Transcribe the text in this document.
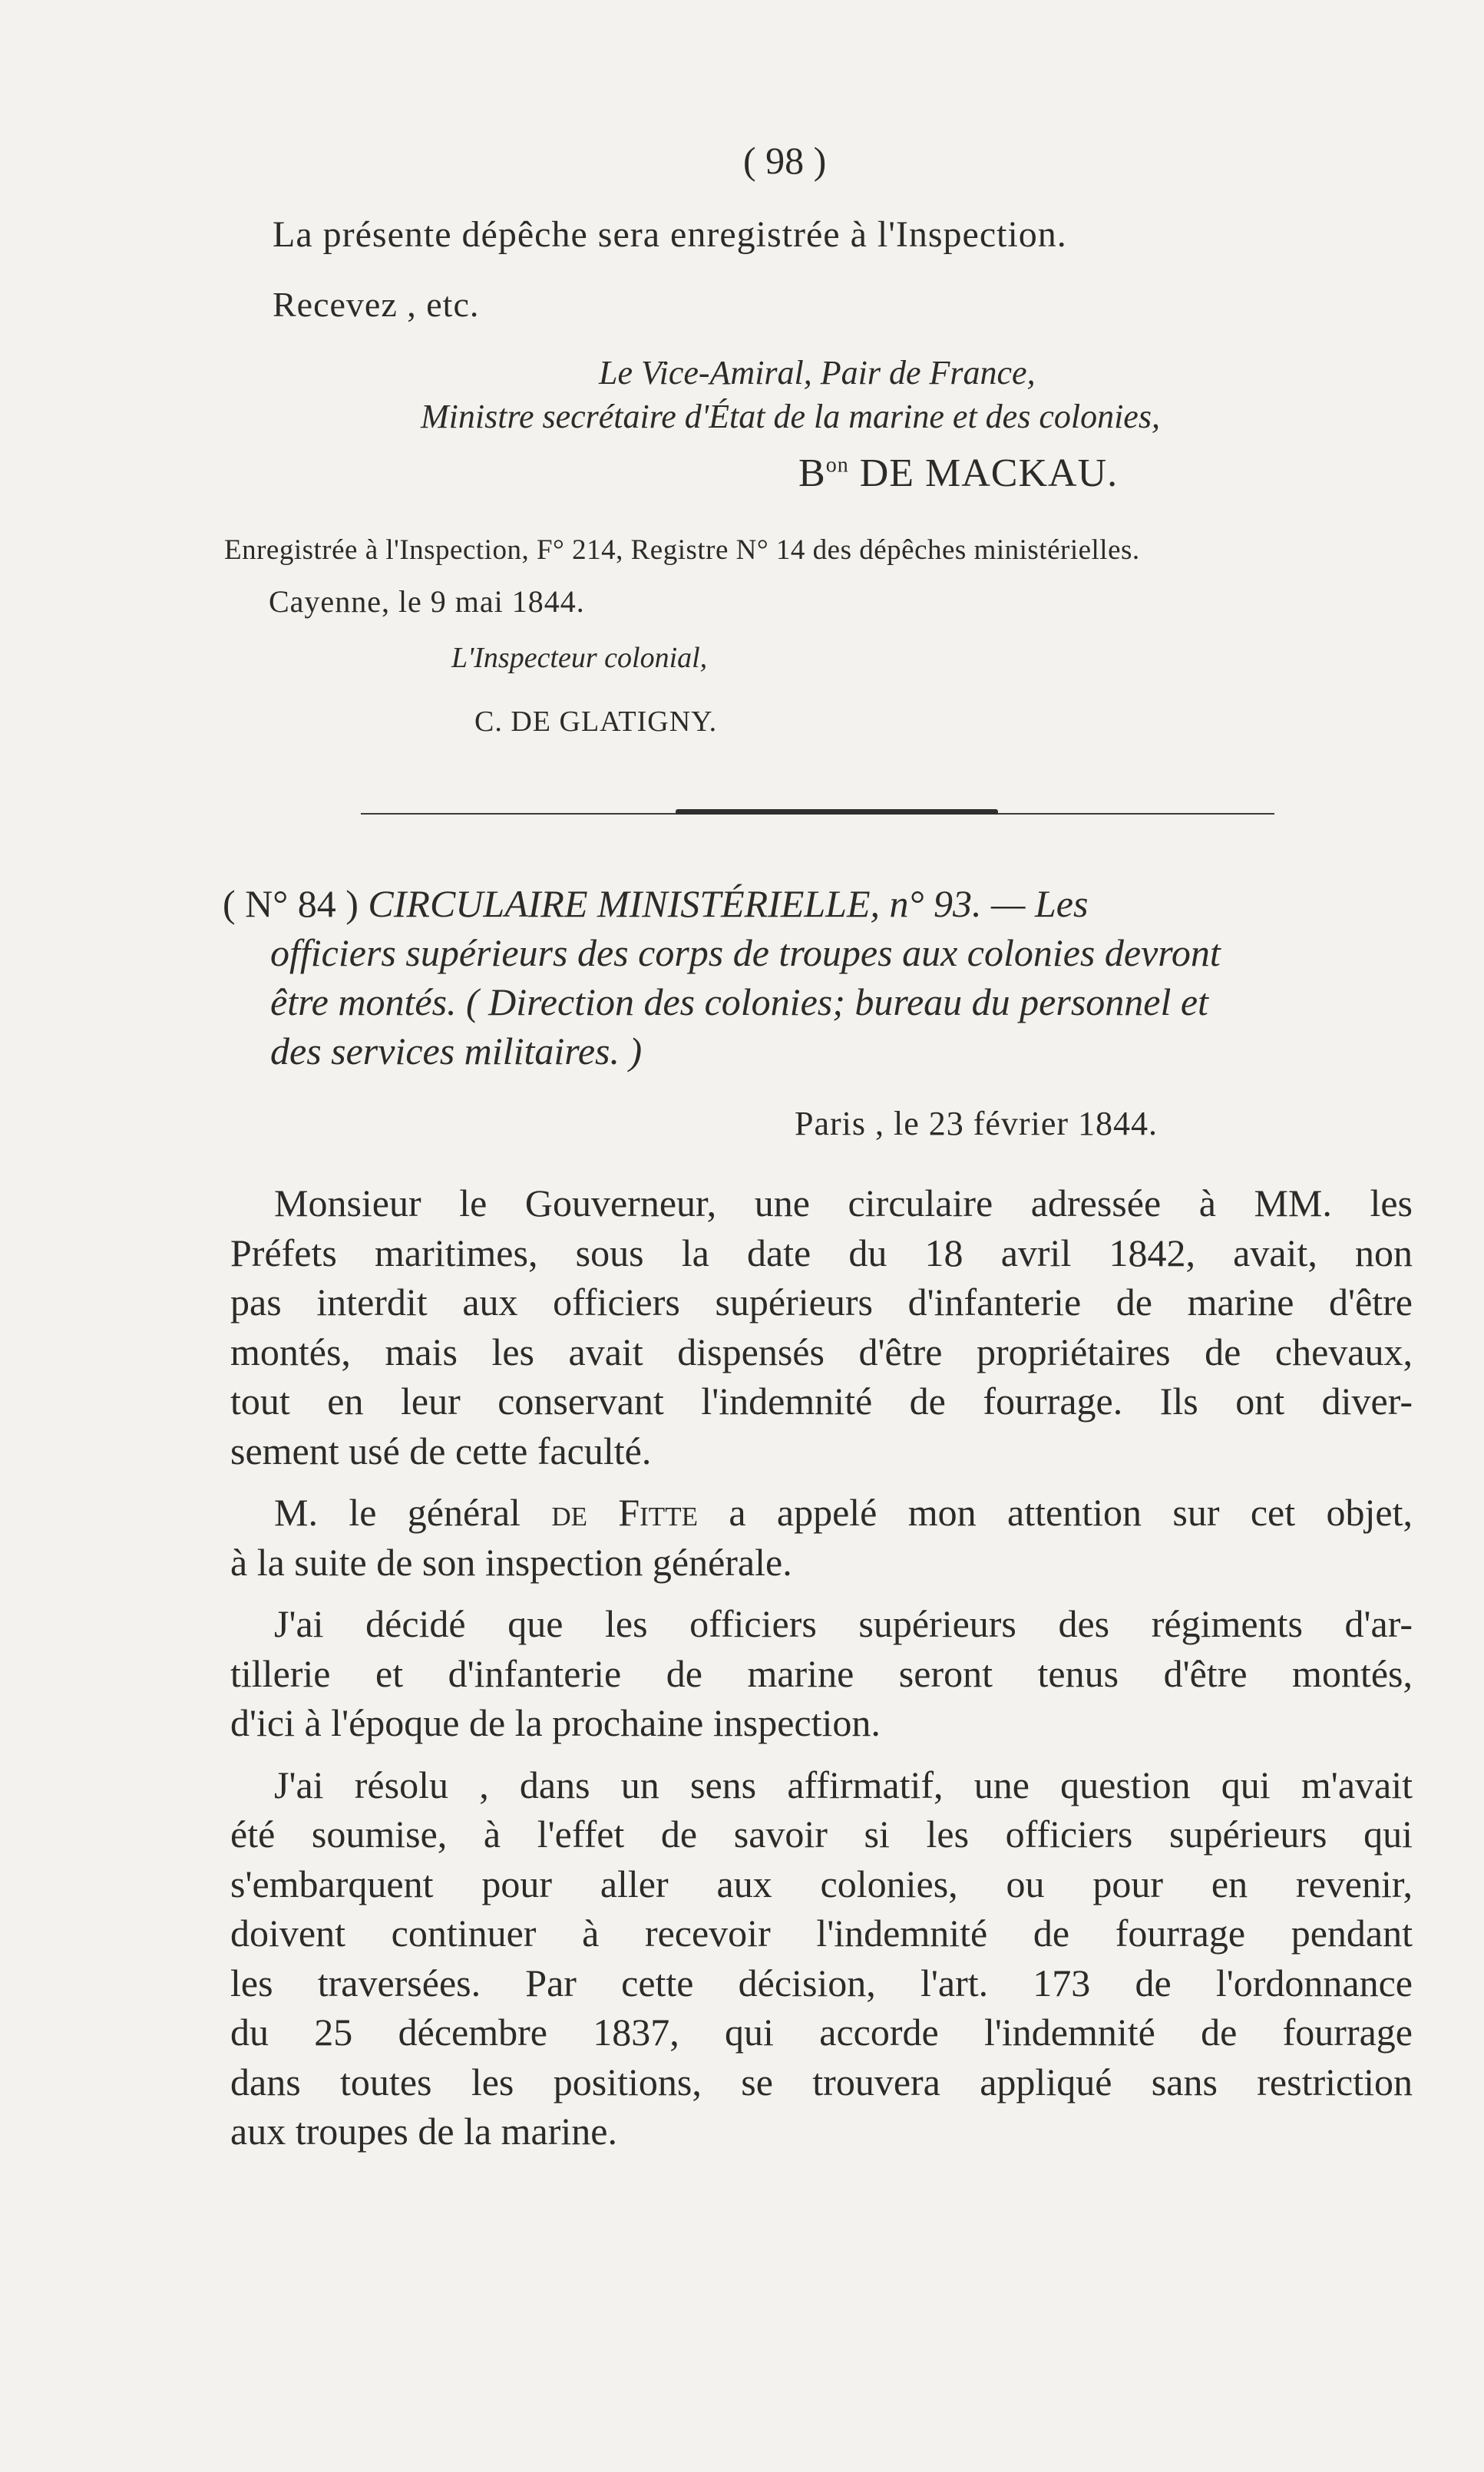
( 98 )
La présente dépêche sera enregistrée à l'Inspection.
Recevez , etc.
Le Vice-Amiral, Pair de France,
Ministre secrétaire d'État de la marine et des colonies,
$B^{on}$ DE MACKAU.
Enregistrée à l'Inspection, F° 214, Registre N° 14 des dépêches ministérielles.
Cayenne, le 9 mai 1844.
L'Inspecteur colonial,
C. DE GLATIGNY.
( N° 84 ) CIRCULAIRE MINISTÉRIELLE, n° 93. — Les
officiers supérieurs des corps de troupes aux colonies devront
être montés. ( Direction des colonies; bureau du personnel et
des services militaires. )
Paris , le 23 février 1844.
Monsieur le Gouverneur, une circulaire adressée à MM. les
Préfets maritimes, sous la date du 18 avril 1842, avait, non
pas interdit aux officiers supérieurs d'infanterie de marine d'être
montés, mais les avait dispensés d'être propriétaires de chevaux,
tout en leur conservant l'indemnité de fourrage. Ils ont diver-
sement usé de cette faculté.
M. le général de Fitte a appelé mon attention sur cet objet,
à la suite de son inspection générale.
J'ai décidé que les officiers supérieurs des régiments d'ar-
tillerie et d'infanterie de marine seront tenus d'être montés,
d'ici à l'époque de la prochaine inspection.
J'ai résolu , dans un sens affirmatif, une question qui m'avait
été soumise, à l'effet de savoir si les officiers supérieurs qui
s'embarquent pour aller aux colonies, ou pour en revenir,
doivent continuer à recevoir l'indemnité de fourrage pendant
les traversées. Par cette décision, l'art. 173 de l'ordonnance
du 25 décembre 1837, qui accorde l'indemnité de fourrage
dans toutes les positions, se trouvera appliqué sans restriction
aux troupes de la marine.
